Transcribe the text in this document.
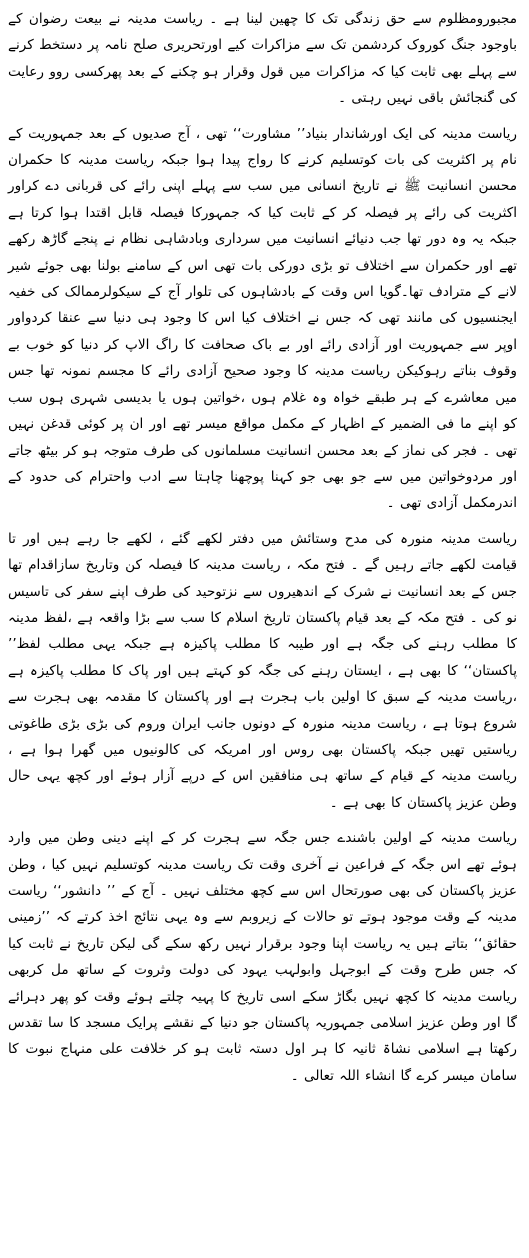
مجبورومظلوم سے حق زندگی تک کا چھین لینا ہے ۔ ریاست مدینہ نے بیعت رضوان کے باوجود جنگ کوروک کردشمن تک سے مزاکرات کیے اورتحریری صلح نامہ پر دستخط کرنے سے پہلے بھی ثابت کیا کہ مزاکرات میں قول وقرار ہو چکنے کے بعد پھرکسی روو رعایت کی گنجائش باقی نہیں رہتی ۔

ریاست مدینہ کی ایک اورشاندار بنیاد’’ مشاورت‘‘ تھی ، آج صدیوں کے بعد جمہوریت کے نام پر اکثریت کی بات کوتسلیم کرنے کا رواج پیدا ہوا جبکہ ریاست مدینہ کا حکمران محسن انسانیت ﷺ نے تاریخ انسانی میں سب سے پہلے اپنی رائے کی قربانی دے کراور اکثریت کی رائے پر فیصلہ کر کے ثابت کیا کہ جمہورکا فیصلہ قابل اقتدا ہوا کرتا ہے جبکہ یہ وہ دور تھا جب دنیائے انسانیت میں سرداری وبادشاہی نظام نے پنجے گاڑھ رکھے تھے اور حکمران سے اختلاف تو بڑی دورکی بات تھی اس کے سامنے بولنا بھی جوئے شیر لانے کے مترادف تھا۔گویا اس وقت کے بادشاہوں کی تلوار آج کے سیکولرممالک کی خفیہ ایجنسیوں کی مانند تھی کہ جس نے اختلاف کیا اس کا وجود ہی دنیا سے عنقا کردواور اوپر سے جمہوریت اور آزادی رائے اور بے باک صحافت کا راگ الاپ کر دنیا کو خوب بے وقوف بناتے رہوکیکن ریاست مدینہ کا وجود صحیح آزادی رائے کا مجسم نمونہ تھا جس میں معاشرے کے ہر طبقے خواہ وہ غلام ہوں ،خواتین ہوں یا بدیسی شہری ہوں سب کو اپنے ما فی الضمیر کے اظہار کے مکمل مواقع میسر تھے اور ان پر کوئی قدغن نہیں تھی ۔ فجر کی نماز کے بعد محسن انسانیت مسلمانوں کی طرف متوجہ ہو کر بیٹھ جاتے اور مردوخواتین میں سے جو بھی جو کہنا پوچھنا چاہتا سے ادب واحترام کی حدود کے اندرمکمل آزادی تھی ۔

ریاست مدینہ منورہ کی مدح وستائش میں دفتر لکھے گئے ، لکھے جا رہے ہیں اور تا قیامت لکھے جاتے رہیں گے ۔ فتح مکہ ، ریاست مدینہ کا فیصلہ کن وتاریخ سازاقدام تھا جس کے بعد انسانیت نے شرک کے اندھیروں سے نزتوحید کی طرف اپنے سفر کی تاسیس نو کی ۔ فتح مکہ کے بعد قیام پاکستان تاریخ اسلام کا سب سے بڑا واقعہ ہے ،لفظ مدینہ کا مطلب رہنے کی جگہ ہے اور طیبہ کا مطلب پاکیزہ ہے جبکہ یہی مطلب لفظ’’ پاکستان‘‘ کا بھی ہے ، ایستان رہنے کی جگہ کو کہتے ہیں اور پاک کا مطلب پاکیزہ ہے ،ریاست مدینہ کے سبق کا اولین باب ہجرت ہے اور پاکستان کا مقدمہ بھی ہجرت سے شروع ہوتا ہے ، ریاست مدینہ منورہ کے دونوں جانب ایران وروم کی بڑی بڑی طاغوتی ریاستیں تھیں جبکہ پاکستان بھی روس اور امریکہ کی کالونیوں میں گھرا ہوا ہے ، ریاست مدینہ کے قیام کے ساتھ ہی منافقین اس کے درپے آزار ہوئے اور کچھ یہی حال وطن عزیز پاکستان کا بھی ہے ۔

ریاست مدینہ کے اولین باشندے جس جگہ سے ہجرت کر کے اپنے دینی وطن میں وارد ہوئے تھے اس جگہ کے فراعین نے آخری وقت تک ریاست مدینہ کوتسلیم نہیں کیا ، وطن عزیز پاکستان کی بھی صورتحال اس سے کچھ مختلف نہیں ۔ آج کے ’’ دانشور‘‘ ریاست مدینہ کے وقت موجود ہوتے تو حالات کے زیروبم سے وہ یہی نتائج اخذ کرتے کہ ’’زمینی حقائق‘‘ بتاتے ہیں یہ ریاست اپنا وجود برقرار نہیں رکھ سکے گی لیکن تاریخ نے ثابت کیا کہ جس طرح وقت کے ابوجہل وابولہب یہود کی دولت وثروت کے ساتھ مل کربھی ریاست مدینہ کا کچھ نہیں بگاڑ سکے اسی تاریخ کا پہیہ چلتے ہوئے وقت کو پھر دہرائے گا اور وطن عزیز اسلامی جمہوریہ پاکستان جو دنیا کے نقشے پرایک مسجد کا سا تقدس رکھتا ہے اسلامی نشاۃ ثانیہ کا ہر اول دستہ ثابت ہو کر خلافت علی منہاج نبوت کا سامان میسر کرے گا انشاء اللہ تعالی ۔
